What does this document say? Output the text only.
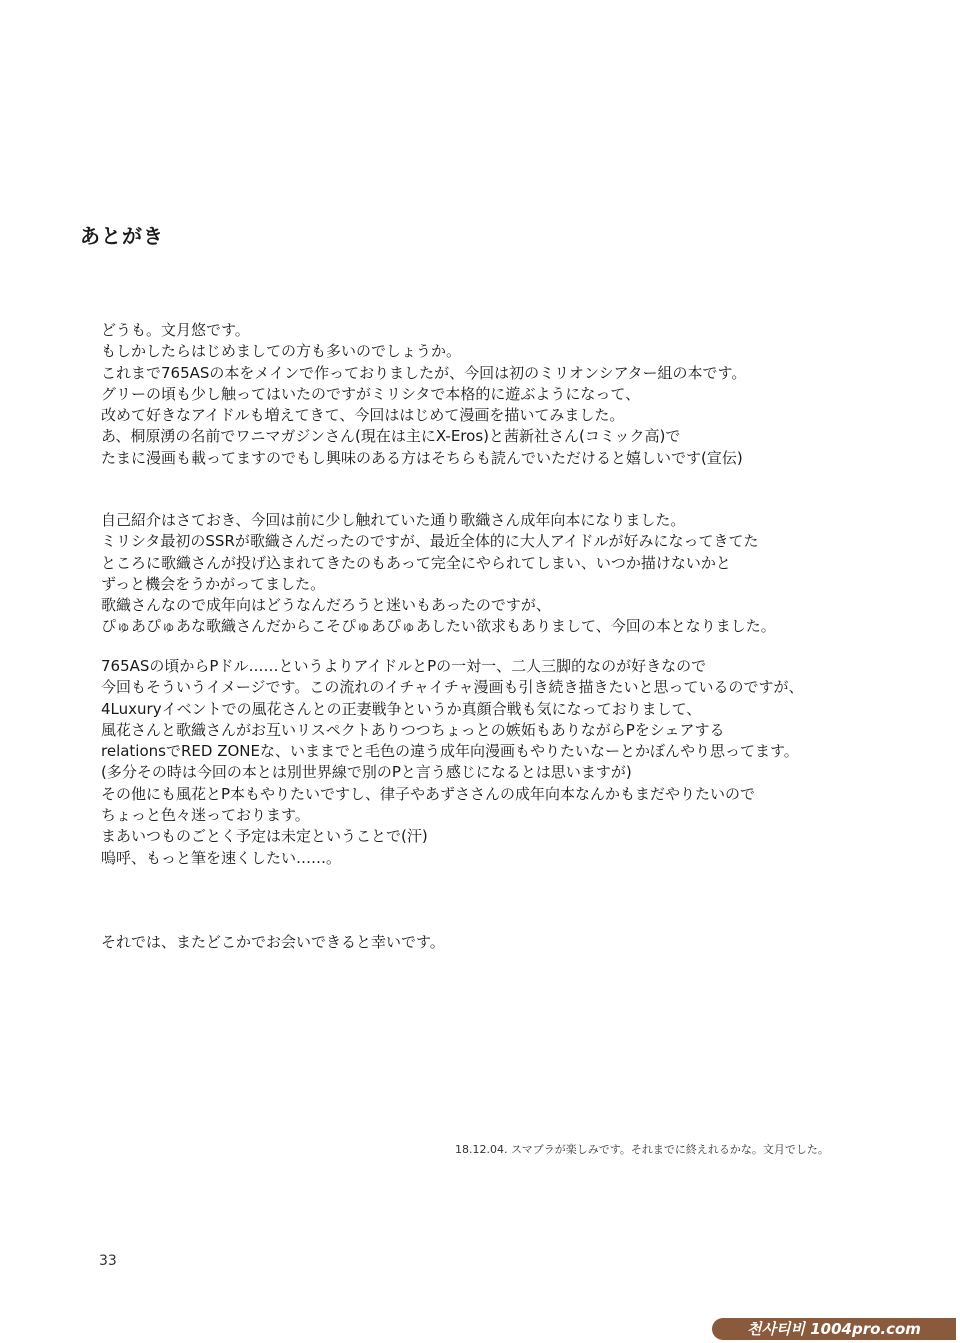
あとがき
どうも。文月悠です。
もしかしたらはじめましての方も多いのでしょうか。
これまで765ASの本をメインで作っておりましたが、今回は初のミリオンシアター組の本です。
グリーの頃も少し触ってはいたのですがミリシタで本格的に遊ぶようになって、
改めて好きなアイドルも増えてきて、今回ははじめて漫画を描いてみました。
あ、桐原湧の名前でワニマガジンさん(現在は主にX-Eros)と茜新社さん(コミック高)で
たまに漫画も載ってますのでもし興味のある方はそちらも読んでいただけると嬉しいです(宣伝)
自己紹介はさておき、今回は前に少し触れていた通り歌織さん成年向本になりました。
ミリシタ最初のSSRが歌織さんだったのですが、最近全体的に大人アイドルが好みになってきてた
ところに歌織さんが投げ込まれてきたのもあって完全にやられてしまい、いつか描けないかと
ずっと機会をうかがってました。
歌織さんなので成年向はどうなんだろうと迷いもあったのですが、
ぴゅあぴゅあな歌織さんだからこそぴゅあぴゅあしたい欲求もありまして、今回の本となりました。
765ASの頃からPドル……というよりアイドルとPの一対一、二人三脚的なのが好きなので
今回もそういうイメージです。この流れのイチャイチャ漫画も引き続き描きたいと思っているのですが、
4Luxuryイベントでの風花さんとの正妻戦争というか真顔合戦も気になっておりまして、
風花さんと歌織さんがお互いリスペクトありつつちょっとの嫉妬もありながらPをシェアする
relationsでRED ZONEな、いままでと毛色の違う成年向漫画もやりたいなーとかぼんやり思ってます。
(多分その時は今回の本とは別世界線で別のPと言う感じになるとは思いますが)
その他にも風花とP本もやりたいですし、律子やあずささんの成年向本なんかもまだやりたいので
ちょっと色々迷っております。
まあいつものごとく予定は未定ということで(汗)
嗚呼、もっと筆を速くしたい……。
それでは、またどこかでお会いできると幸いです。
18.12.04. スマブラが楽しみです。それまでに終えれるかな。文月でした。
33
천사티비 1004pro.com
